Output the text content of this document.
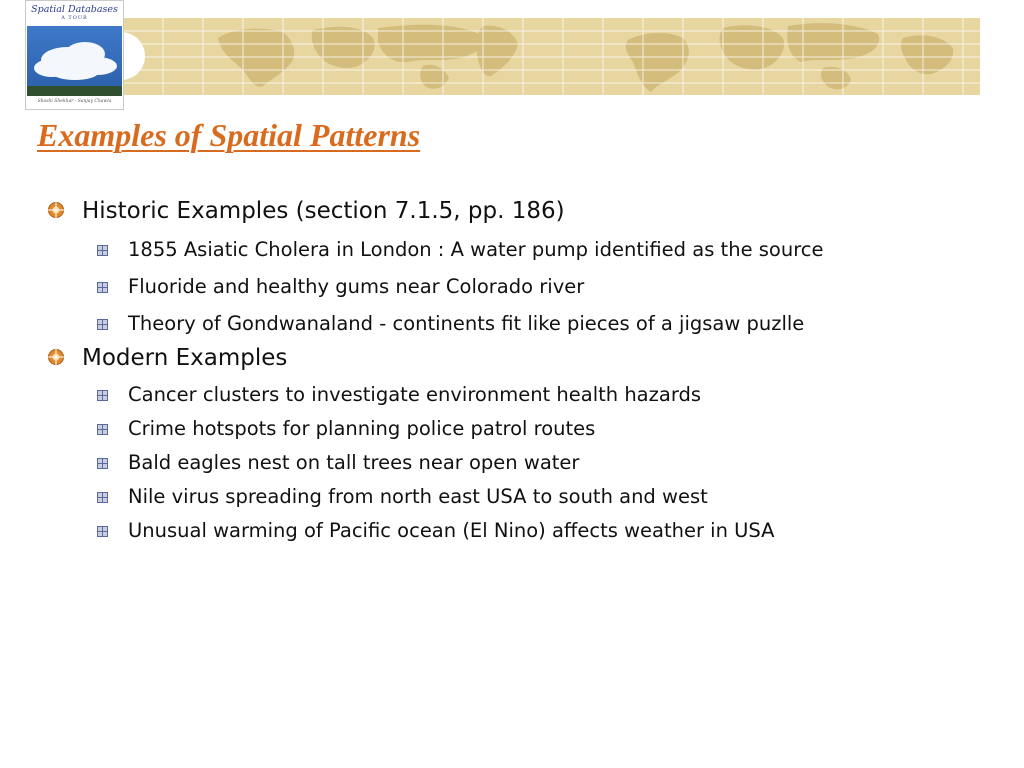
Spatial Databases
A TOUR
Shashi Shekhar · Sanjay Chawla
Examples of Spatial Patterns
Historic Examples (section 7.1.5, pp. 186)
1855 Asiatic Cholera in London : A water pump identified as the source
Fluoride and healthy gums near Colorado river
Theory of Gondwanaland - continents fit like pieces of a jigsaw puzlle
Modern Examples
Cancer clusters to investigate environment health hazards
Crime hotspots for planning police patrol routes
Bald eagles nest on tall trees near open water
Nile virus spreading from north east USA to south and west
Unusual warming of Pacific ocean (El Nino) affects weather in USA
